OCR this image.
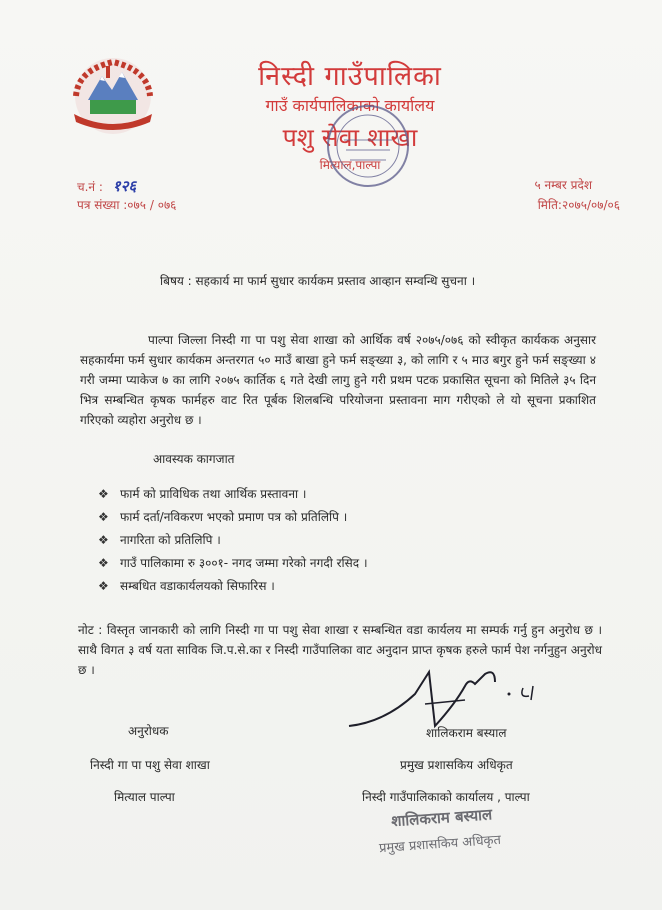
निस्दी गाउँपालिका
गाउँ कार्यपालिकाको कार्यालय
पशु सेवा शाखा
मित्याल,पाल्पा
च.नं : १२६
पत्र संख्या :०७५ / ०७६
५ नम्बर प्रदेश
मिति:२०७५/०७/०६
बिषय : सहकार्य मा फार्म सुधार कार्यकम प्रस्ताव आव्हान सम्वन्धि सुचना ।
पाल्पा जिल्ला निस्दी गा पा पशु सेवा शाखा को आर्थिक वर्ष २०७५/०७६ को स्वीकृत कार्यकक अनुसार सहकार्यमा फर्म सुधार कार्यकम अन्तरगत ५० माउँ बाखा हुने फर्म सङ्ख्या ३, को लागि र ५ माउ बगुर हुने फर्म सङ्ख्या ४ गरी जम्मा प्याकेज ७ का लागि २०७५ कार्तिक ६ गते देखी लागु हुने गरी प्रथम पटक प्रकासित सूचना को मितिले ३५ दिन भित्र सम्बन्धित कृषक फार्महरु वाट रित पूर्बक शिलबन्धि परियोजना प्रस्तावना माग गरीएको ले यो सूचना प्रकाशित गरिएको व्यहोरा अनुरोध छ ।
आवस्यक कागजात
❖ फार्म को प्राविधिक तथा आर्थिक प्रस्तावना ।
❖ फार्म दर्ता/नविकरण भएको प्रमाण पत्र को प्रतिलिपि ।
❖ नागरिता को प्रतिलिपि ।
❖ गाउँ पालिकामा रु ३००१- नगद जम्मा गरेको नगदी रसिद ।
❖ सम्बधित वडाकार्यलयको सिफारिस ।
नोट : विस्तृत जानकारी को लागि निस्दी गा पा पशु सेवा शाखा र सम्बन्धित वडा कार्यलय मा सम्पर्क गर्नु हुन अनुरोध छ । साथै विगत ३ वर्ष यता साविक जि.प.से.का र निस्दी गाउँपालिका वाट अनुदान प्राप्त कृषक हरुले फार्म पेश नर्गनुहुन अनुरोध छ ।
अनुरोधक
निस्दी गा पा पशु सेवा शाखा
मित्याल पाल्पा
शालिकराम बस्याल
प्रमुख प्रशासकिय अधिकृत
निस्दी गाउँपालिकाको कार्यालय , पाल्पा
शालिकराम बस्याल
प्रमुख प्रशासकिय अधिकृत
